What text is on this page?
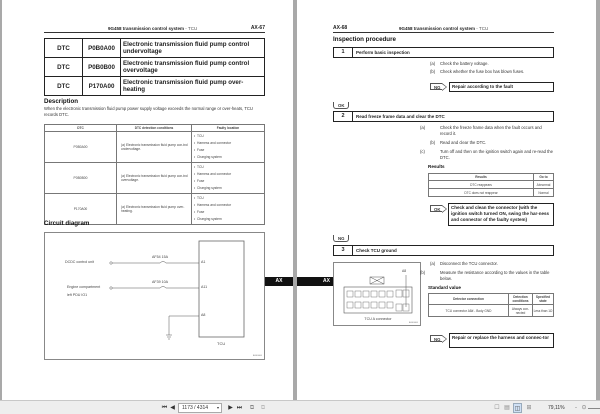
9G458 transmission control system - TCU	AX-67
DTC	P0B0A00	Electronic transmission fluid pump control undervoltage
DTC	P0B0B00	Electronic transmission fluid pump control overvoltage
DTC	P170A00	Electronic transmission fluid pump over-heating
Description
When the electronic transmission fluid pump power supply voltage exceeds the normal range or over-heats, TCU records DTC.
DTC	DTC detection conditions	Faulty location
P0B0A00	(a) Electronic transmission fluid pump con-trol undervoltage.	•  TCU
•  Harness and connector
•  Fuse
•  Charging system

P0B0B00	(a) Electronic transmission fluid pump con-trol overvoltage.	•  TCU
•  Harness and connector
•  Fuse
•  Charging system

P170A00	(a) Electronic transmission fluid pump over-heating.	•  TCU
•  Harness and connector
•  Fuse
•  Charging system
Circuit diagram
DCDC control unit
AF54 15A
A1
Engine compartment
left PDU IO1
AF39 10A
A11
A8
TCU
AX00000
AX	AX
AX-68	9G458 transmission control system - TCU
Inspection procedure
1	Perform basic inspection
(a) Check the battery voltage.
(b) Check whether the fuse box has blown fuses.
NG	Repair according to the fault
OK
2	Read freeze frame data and clear the DTC
(a)	Check the freeze frame data when the fault occurs and record it.
(b) Read and clear the DTC.
(c)	Turn off and then on the ignition switch again and re-read the DTC.
Results
Results	Go to
DTC reappears	Abnormal
DTC does not reappear	Normal
OK	Check and clean the connector (with the ignition switch turned ON, swing the har-ness and connector of the faulty system)
NG
3	Check TCU ground
A8
TCU A connector
AX00000
(a) Disconnect the TCU connector.
(b)	Measure the resistance according to the values in the table below.
Standard value
Detector connection	Detection conditions	Specified state
TCU connector A8# - Body GND	Always con-nected	Less than 1Ω
NG	Repair or replace the harness and connec-tor
⏮ ◀	1173 / 4314 ▾ ▶ ⏭	⧉	⧉	☐ ▤ ◫ ⊞	79,11%	- ⊙
